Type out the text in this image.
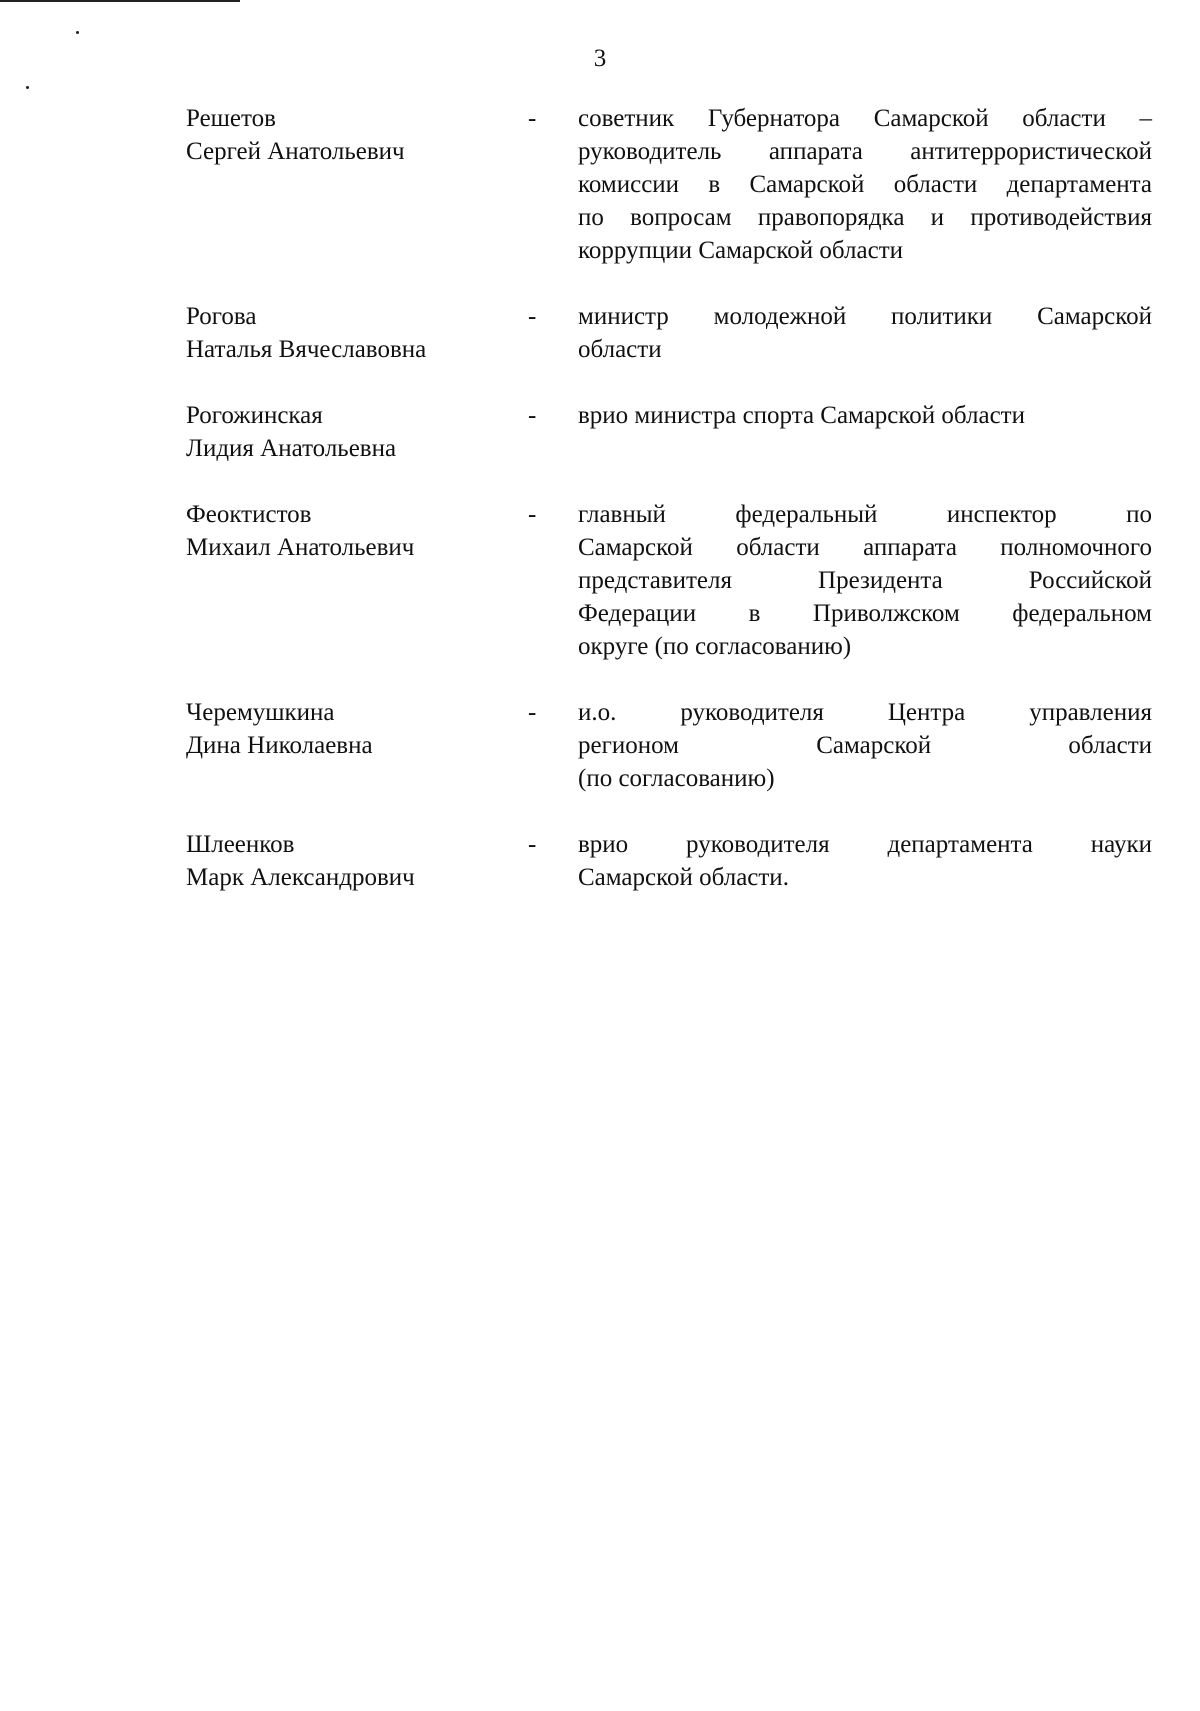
3
Решетов
Сергей Анатольевич
-	советник Губернатора Самарской области –
руководитель аппарата антитеррористической
комиссии в Самарской области департамента
по вопросам правопорядка и противодействия
коррупции Самарской области
Рогова
Наталья Вячеславовна
-	министр молодежной политики Самарской
области
Рогожинская
Лидия Анатольевна
-	врио министра спорта Самарской области
Феоктистов
Михаил Анатольевич
-	главный федеральный инспектор по
Самарской области аппарата полномочного
представителя Президента Российской
Федерации в Приволжском федеральном
округе (по согласованию)
Черемушкина
Дина Николаевна
-	и.о. руководителя Центра управления
регионом Самарской области
(по согласованию)
Шлеенков
Марк Александрович
-	врио руководителя департамента науки
Самарской области.
